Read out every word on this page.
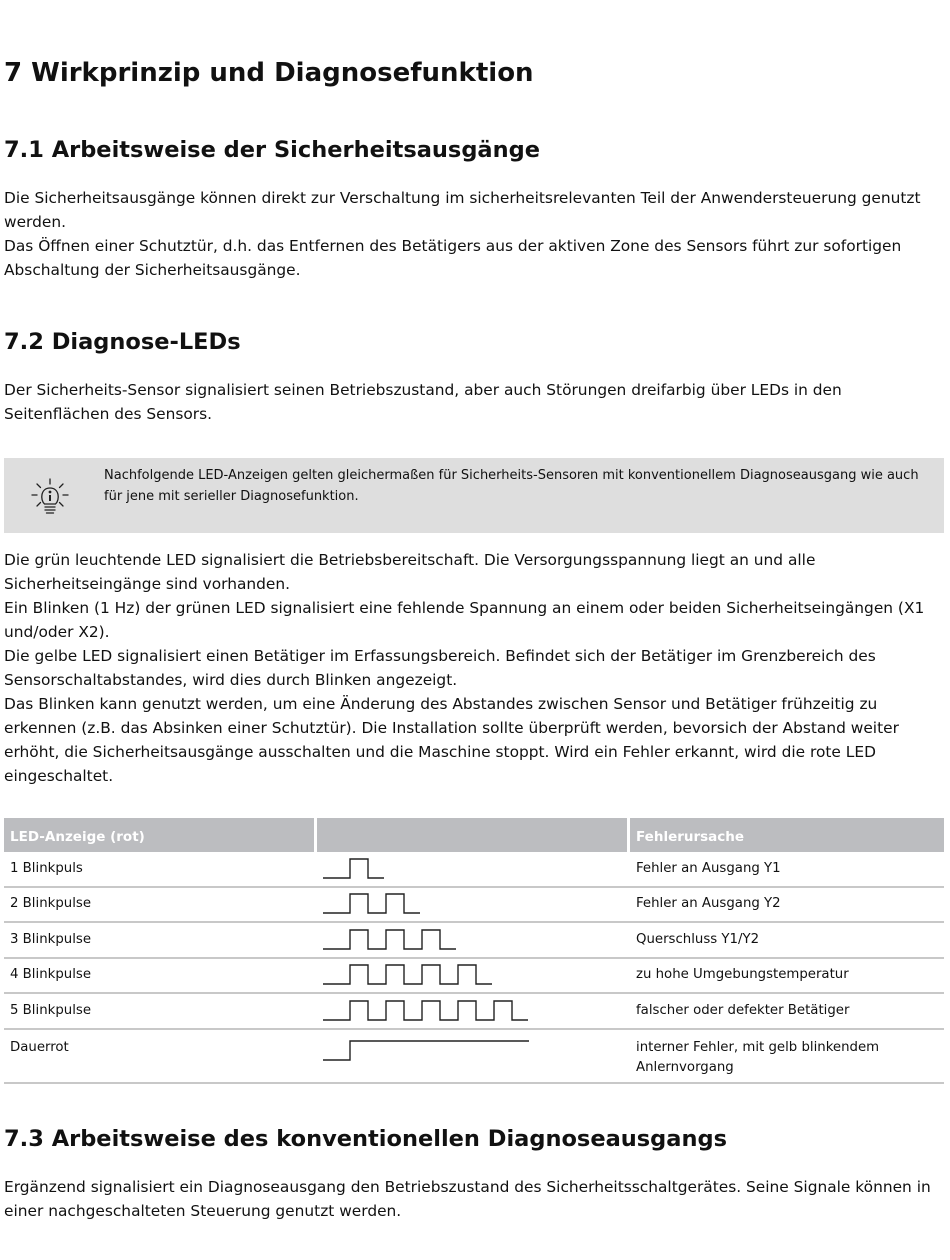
7 Wirkprinzip und Diagnosefunktion
7.1 Arbeitsweise der Sicherheitsausgänge
Die Sicherheitsausgänge können direkt zur Verschaltung im sicherheitsrelevanten Teil der Anwendersteuerung genutzt
werden.
Das Öffnen einer Schutztür, d.h. das Entfernen des Betätigers aus der aktiven Zone des Sensors führt zur sofortigen
Abschaltung der Sicherheitsausgänge.
7.2 Diagnose-LEDs
Der Sicherheits-Sensor signalisiert seinen Betriebszustand, aber auch Störungen dreifarbig über LEDs in den
Seitenflächen des Sensors.
Nachfolgende LED-Anzeigen gelten gleichermaßen für Sicherheits-Sensoren mit konventionellem Diagnoseausgang wie auch
für jene mit serieller Diagnosefunktion.
Die grün leuchtende LED signalisiert die Betriebsbereitschaft. Die Versorgungsspannung liegt an und alle
Sicherheitseingänge sind vorhanden.
Ein Blinken (1 Hz) der grünen LED signalisiert eine fehlende Spannung an einem oder beiden Sicherheitseingängen (X1
und/oder X2).
Die gelbe LED signalisiert einen Betätiger im Erfassungsbereich. Befindet sich der Betätiger im Grenzbereich des
Sensorschaltabstandes, wird dies durch Blinken angezeigt.
Das Blinken kann genutzt werden, um eine Änderung des Abstandes zwischen Sensor und Betätiger frühzeitig zu
erkennen (z.B. das Absinken einer Schutztür). Die Installation sollte überprüft werden, bevorsich der Abstand weiter
erhöht, die Sicherheitsausgänge ausschalten und die Maschine stoppt. Wird ein Fehler erkannt, wird die rote LED
eingeschaltet.
LED-Anzeige (rot)		Fehlerursache
1 Blinkpuls		Fehler an Ausgang Y1

2 Blinkpulse		Fehler an Ausgang Y2

3 Blinkpulse		Querschluss Y1/Y2

4 Blinkpulse		zu hohe Umgebungstemperatur

5 Blinkpulse		falscher oder defekter Betätiger

Dauerrot		interner Fehler, mit gelb blinkendem
Anlernvorgang
7.3 Arbeitsweise des konventionellen Diagnoseausgangs
Ergänzend signalisiert ein Diagnoseausgang den Betriebszustand des Sicherheitsschaltgerätes. Seine Signale können in
einer nachgeschalteten Steuerung genutzt werden.
